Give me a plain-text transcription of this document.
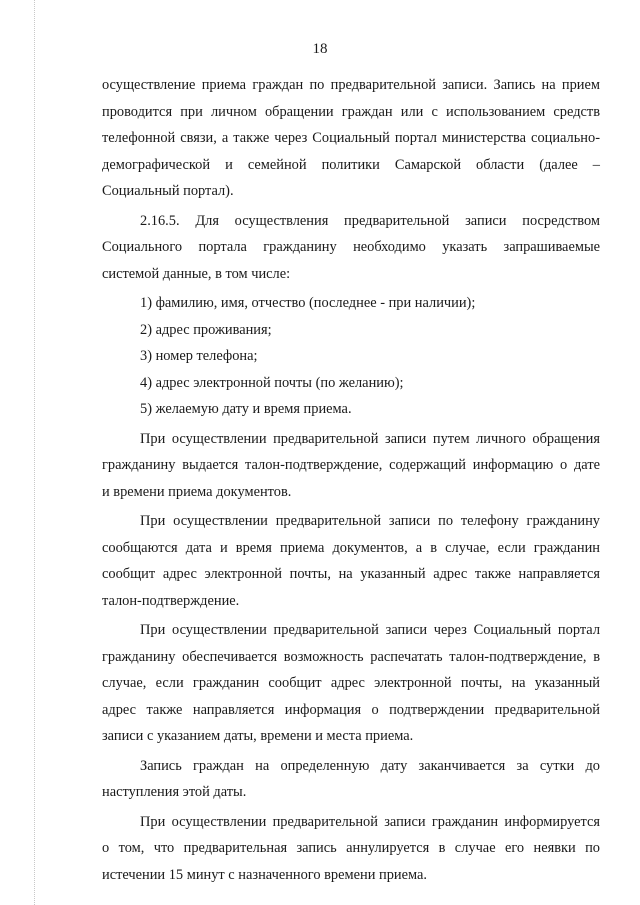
18

осуществление приема граждан по предварительной записи. Запись на прием

проводится при личном обращении граждан или с использованием средств

телефонной связи, а также через Социальный портал министерства социально-

демографической и семейной политики Самарской области (далее –

Социальный портал).

2.16.5. Для осуществления предварительной записи посредством

Социального портала гражданину необходимо указать запрашиваемые

системой данные, в том числе:

1) фамилию, имя, отчество (последнее - при наличии);

2) адрес проживания;

3) номер телефона;

4) адрес электронной почты (по желанию);

5) желаемую дату и время приема.

При осуществлении предварительной записи путем личного обращения

гражданину выдается талон-подтверждение, содержащий информацию о дате

и времени приема документов.

При осуществлении предварительной записи по телефону гражданину

сообщаются дата и время приема документов, а в случае, если гражданин

сообщит адрес электронной почты, на указанный адрес также направляется

талон-подтверждение.

При осуществлении предварительной записи через Социальный портал

гражданину обеспечивается возможность распечатать талон-подтверждение, в

случае, если гражданин сообщит адрес электронной почты, на указанный

адрес также направляется информация о подтверждении предварительной

записи с указанием даты, времени и места приема.

Запись граждан на определенную дату заканчивается за сутки до

наступления этой даты.

При осуществлении предварительной записи гражданин информируется

о том, что предварительная запись аннулируется в случае его неявки по

истечении 15 минут с назначенного времени приема.
